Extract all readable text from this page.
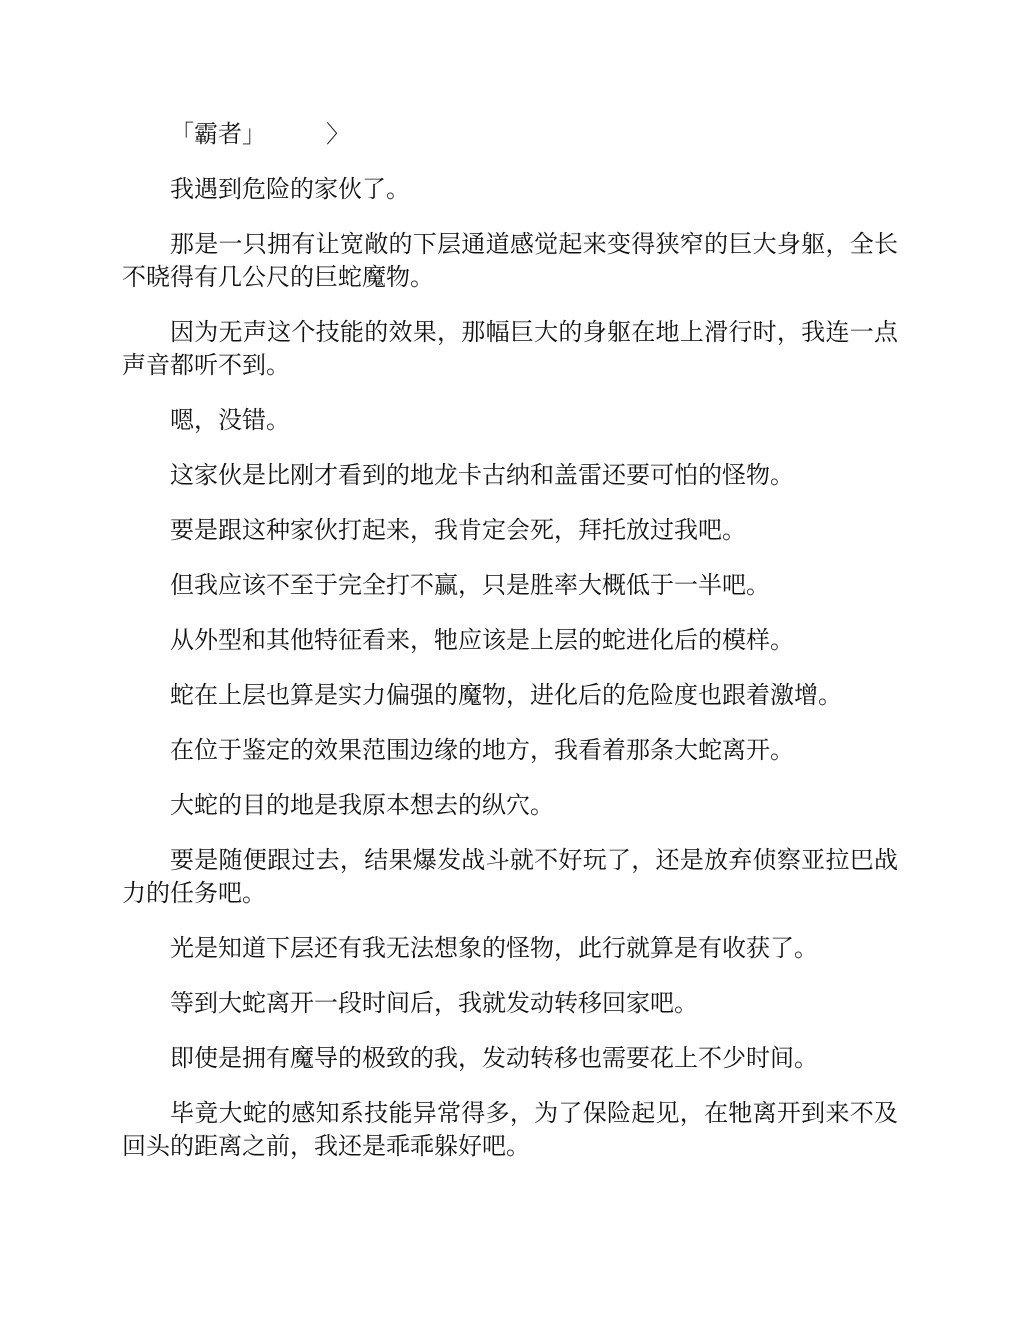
「霸者」　　　〉

我遇到危险的家伙了。

那是一只拥有让宽敞的下层通道感觉起来变得狭窄的巨大身躯，全长不晓得有几公尺的巨蛇魔物。

因为无声这个技能的效果，那幅巨大的身躯在地上滑行时，我连一点声音都听不到。

嗯，没错。

这家伙是比刚才看到的地龙卡古纳和盖雷还要可怕的怪物。

要是跟这种家伙打起来，我肯定会死，拜托放过我吧。

但我应该不至于完全打不赢，只是胜率大概低于一半吧。

从外型和其他特征看来，牠应该是上层的蛇进化后的模样。

蛇在上层也算是实力偏强的魔物，进化后的危险度也跟着激增。

在位于鉴定的效果范围边缘的地方，我看着那条大蛇离开。

大蛇的目的地是我原本想去的纵穴。

要是随便跟过去，结果爆发战斗就不好玩了，还是放弃侦察亚拉巴战力的任务吧。

光是知道下层还有我无法想象的怪物，此行就算是有收获了。

等到大蛇离开一段时间后，我就发动转移回家吧。

即使是拥有魔导的极致的我，发动转移也需要花上不少时间。

毕竟大蛇的感知系技能异常得多，为了保险起见，在牠离开到来不及回头的距离之前，我还是乖乖躲好吧。
